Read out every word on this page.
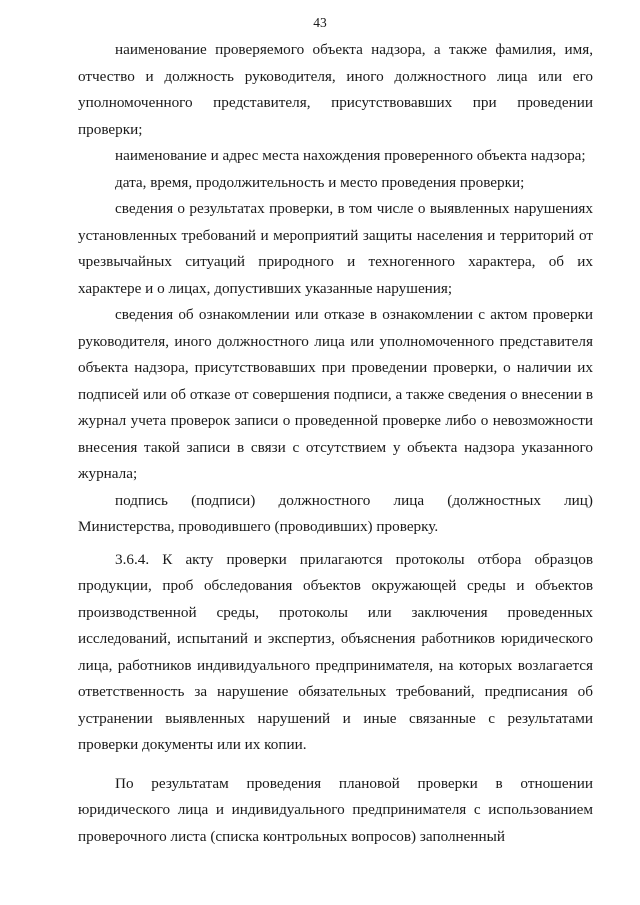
43

наименование проверяемого объекта надзора, а также фамилия, имя, отчество и должность руководителя, иного должностного лица или его уполномоченного представителя, присутствовавших при проведении проверки;

наименование и адрес места нахождения проверенного объекта надзора;

дата, время, продолжительность и место проведения проверки;

сведения о результатах проверки, в том числе о выявленных нарушениях установленных требований и мероприятий защиты населения и территорий от чрезвычайных ситуаций природного и техногенного характера, об их характере и о лицах, допустивших указанные нарушения;

сведения об ознакомлении или отказе в ознакомлении с актом проверки руководителя, иного должностного лица или уполномоченного представителя объекта надзора, присутствовавших при проведении проверки, о наличии их подписей или об отказе от совершения подписи, а также сведения о внесении в журнал учета проверок записи о проведенной проверке либо о невозможности внесения такой записи в связи с отсутствием у объекта надзора указанного журнала;

подпись (подписи) должностного лица (должностных лиц) Министерства, проводившего (проводивших) проверку.

3.6.4. К акту проверки прилагаются протоколы отбора образцов продукции, проб обследования объектов окружающей среды и объектов производственной среды, протоколы или заключения проведенных исследований, испытаний и экспертиз, объяснения работников юридического лица, работников индивидуального предпринимателя, на которых возлагается ответственность за нарушение обязательных требований, предписания об устранении выявленных нарушений и иные связанные с результатами проверки документы или их копии.

По результатам проведения плановой проверки в отношении юридического лица и индивидуального предпринимателя с использованием проверочного листа (списка контрольных вопросов) заполненный
